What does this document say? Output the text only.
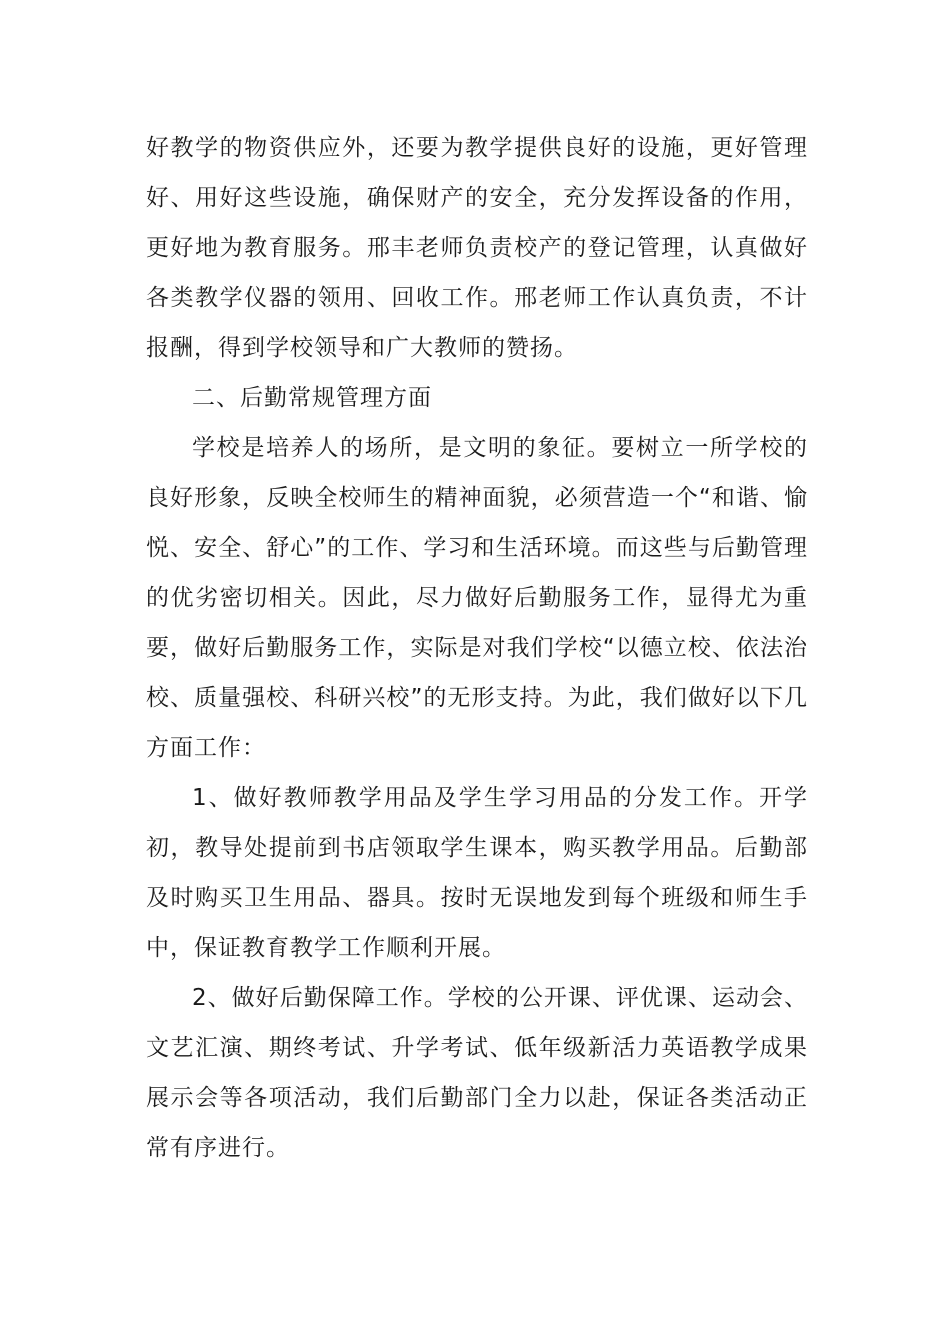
好教学的物资供应外，还要为教学提供良好的设施，更好管理好、用好这些设施，确保财产的安全，充分发挥设备的作用，更好地为教育服务。邢丰老师负责校产的登记管理，认真做好各类教学仪器的领用、回收工作。邢老师工作认真负责，不计报酬，得到学校领导和广大教师的赞扬。

二、后勤常规管理方面

学校是培养人的场所，是文明的象征。要树立一所学校的良好形象，反映全校师生的精神面貌，必须营造一个“和谐、愉悦、安全、舒心”的工作、学习和生活环境。而这些与后勤管理的优劣密切相关。因此，尽力做好后勤服务工作，显得尤为重要，做好后勤服务工作，实际是对我们学校“以德立校、依法治校、质量强校、科研兴校”的无形支持。为此，我们做好以下几方面工作：

1、做好教师教学用品及学生学习用品的分发工作。开学初，教导处提前到书店领取学生课本，购买教学用品。后勤部及时购买卫生用品、器具。按时无误地发到每个班级和师生手中，保证教育教学工作顺利开展。

2、做好后勤保障工作。学校的公开课、评优课、运动会、文艺汇演、期终考试、升学考试、低年级新活力英语教学成果展示会等各项活动，我们后勤部门全力以赴，保证各类活动正常有序进行。
